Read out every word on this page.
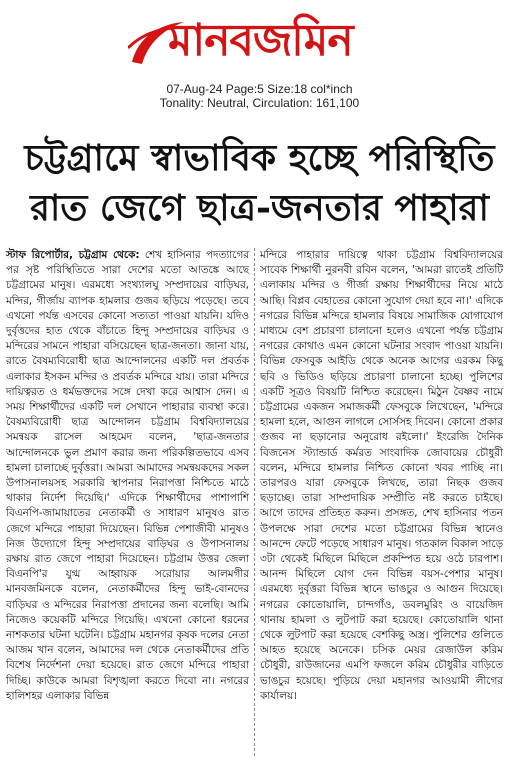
মানবজমিন
07-Aug-24 Page:5 Size:18 col*inch
Tonality: Neutral, Circulation: 161,100
চট্টগ্রামে স্বাভাবিক হচ্ছে পরিস্থিতি
রাত জেগে ছাত্র-জনতার পাহারা

স্টাফ রিপোর্টার, চট্টগ্রাম থেকে: শেখ হাসিনার পদত্যাগের পর সৃষ্ট পরিস্থিতিতে সারা দেশের মতো আতঙ্কে আছে চট্টগ্রামের মানুষ। এরমধ্যে সংখ্যালঘু সম্প্রদায়ের বাড়িঘর, মন্দির, গীর্জায় ব্যাপক হামলার গুজব ছড়িয়ে পড়েছে। তবে এখনো পর্যন্ত এসবের কোনো সত্যতা পাওয়া যায়নি। যদিও দুর্বৃত্তদের হাত থেকে বাঁচাতে হিন্দু সম্প্রদায়ের বাড়িঘর ও মন্দিরের সামনে পাহারা বসিয়েছেন ছাত্র-জনতা। জানা যায়, রাতে বৈষম্যবিরোধী ছাত্র আন্দোলনের একটি দল প্রবর্তক এলাকার ইসকন মন্দির ও প্রবর্তক মন্দিরে যায়। তারা মন্দিরে দায়িত্বরত ও ধর্মভক্তদের সঙ্গে দেখা করে আশ্বাস দেন। এ সময় শিক্ষার্থীদের একটি দল সেখানে পাহারার ব্যবস্থা করে। বৈষম্যবিরোধী ছাত্র আন্দোলন চট্টগ্রাম বিশ্ববিদ্যালয়ের সমন্বয়ক রাসেল আহমেদ বলেন, 'ছাত্র-জনতার আন্দোলনকে ভুল প্রমাণ করার জন্য পরিকল্পিতভাবে এসব হামলা চালাচ্ছে দুর্বৃত্তরা। আমরা আমাদের সমন্বয়কদের সকল উপাসনালয়সহ সরকারি স্থাপনার নিরাপত্তা নিশ্চিতে মাঠে থাকার নির্দেশ দিয়েছি।' এদিকে শিক্ষার্থীদের পাশাপাশি বিএনপি-জামায়াতের নেতাকর্মী ও সাধারণ মানুষও রাত জেগে মন্দিরে পাহারা দিয়েছেন। বিভিন্ন পেশাজীবী মানুষও নিজ উদ্যোগে হিন্দু সম্প্রদায়ের বাড়িঘর ও উপাসনালয় রক্ষায় রাত জেগে পাহারা দিয়েছেন। চট্টগ্রাম উত্তর জেলা বিএনপি'র যুগ্ম আহ্বায়ক সরোয়ার আলমগীর মানবজমিনকে বলেন, নেতাকর্মীদের হিন্দু ভাই-বোনদের বাড়িঘর ও মন্দিরের নিরাপত্তা প্রদানের জন্য বলেছি। আমি নিজেও কয়েকটি মন্দিরে গিয়েছি। এখনো কোনো ধরনের নাশকতার ঘটনা ঘটেনি। চট্টগ্রাম মহানগর কৃষক দলের নেতা আজম খান বলেন, আমাদের দল থেকে নেতাকর্মীদের প্রতি বিশেষ নির্দেশনা দেয়া হয়েছে। রাত জেগে মন্দিরে পাহারা দিচ্ছি। কাউকে আমরা বিশৃঙ্খলা করতে দিবো না। নগরের হালিশহর এলাকার বিভিন্ন

মন্দিরে পাহারার দায়িত্বে থাকা চট্টগ্রাম বিশ্ববিদ্যালয়ের সাবেক শিক্ষার্থী নুরনবী রবিন বলেন, 'আমরা রাতেই প্রতিটি এলাকায় মন্দির ও গীর্জা রক্ষায় শিক্ষার্থীদের নিয়ে মাঠে আছি। বিপ্লব বেহাতের কোনো সুযোগ দেয়া হবে না।' এদিকে নগরের বিভিন্ন মন্দিরে হামলার বিষয়ে সামাজিক যোগাযোগ মাধ্যমে বেশ প্রচারণা চালানো হলেও এখনো পর্যন্ত চট্টগ্রাম নগরের কোথাও এমন কোনো ঘটনার সংবাদ পাওয়া যায়নি। বিভিন্ন ফেসবুক আইডি থেকে অনেক আগের এরকম কিছু ছবি ও ভিডিও ছড়িয়ে প্রচারণা চালানো হচ্ছে। পুলিশের একটি সূত্রও বিষয়টি নিশ্চিত করেছেন। মিঠুন বৈষ্ণব নামে চট্টগ্রামের একজন সমাজকর্মী ফেসবুকে লিখেছেন, 'মন্দিরে হামলা হলে, আগুন লাগলে সোর্সসহ দিবেন। কোনো প্রকার গুজব না ছড়ানোর অনুরোধ রইলো।' ইংরেজি দৈনিক বিজনেস স্ট্যান্ডার্ড কর্মরত সাংবাদিক জোবায়ের চৌধুরী বলেন, মন্দিরে হামলার নিশ্চিত কোনো খবর পাচ্ছি না। তারপরও যারা ফেসবুকে লিখছে, তারা নিছক গুজব ছড়াচ্ছে। তারা সাম্প্রদায়িক সম্প্রীতি নষ্ট করতে চাইছে। আগে তাদের প্রতিহত করুন। প্রসঙ্গত, শেখ হাসিনার পতন উপলক্ষে সারা দেশের মতো চট্টগ্রামের বিভিন্ন স্থানেও আনন্দে ফেটে পড়েছে সাধারণ মানুষ। গতকাল বিকাল সাড়ে ৩টা থেকেই মিছিলে মিছিলে প্রকম্পিত হয়ে ওঠে চারপাশ। আনন্দ মিছিলে যোগ দেন বিভিন্ন বয়স-পেশার মানুষ। এরমধ্যে দুর্বৃত্তরা বিভিন্ন স্থানে ভাঙচুর ও আগুন দিয়েছে। নগরের কোতোয়ালি, চান্দগাঁও, ডবলমুরিং ও বায়েজিদ থানায় হামলা ও লুটপাট করা হয়েছে। কোতোয়ালি থানা থেকে লুটপাট করা হয়েছে বেশকিছু অস্ত্র। পুলিশের গুলিতে আহত হয়েছে অনেকে। চসিক মেয়র রেজাউল করিম চৌধুরী, রাউজানের এমপি ফজলে করিম চৌধুরীর বাড়িতে ভাঙচুর হয়েছে। পুড়িয়ে দেয়া মহানগর আওয়ামী লীগের কার্যালয়।
